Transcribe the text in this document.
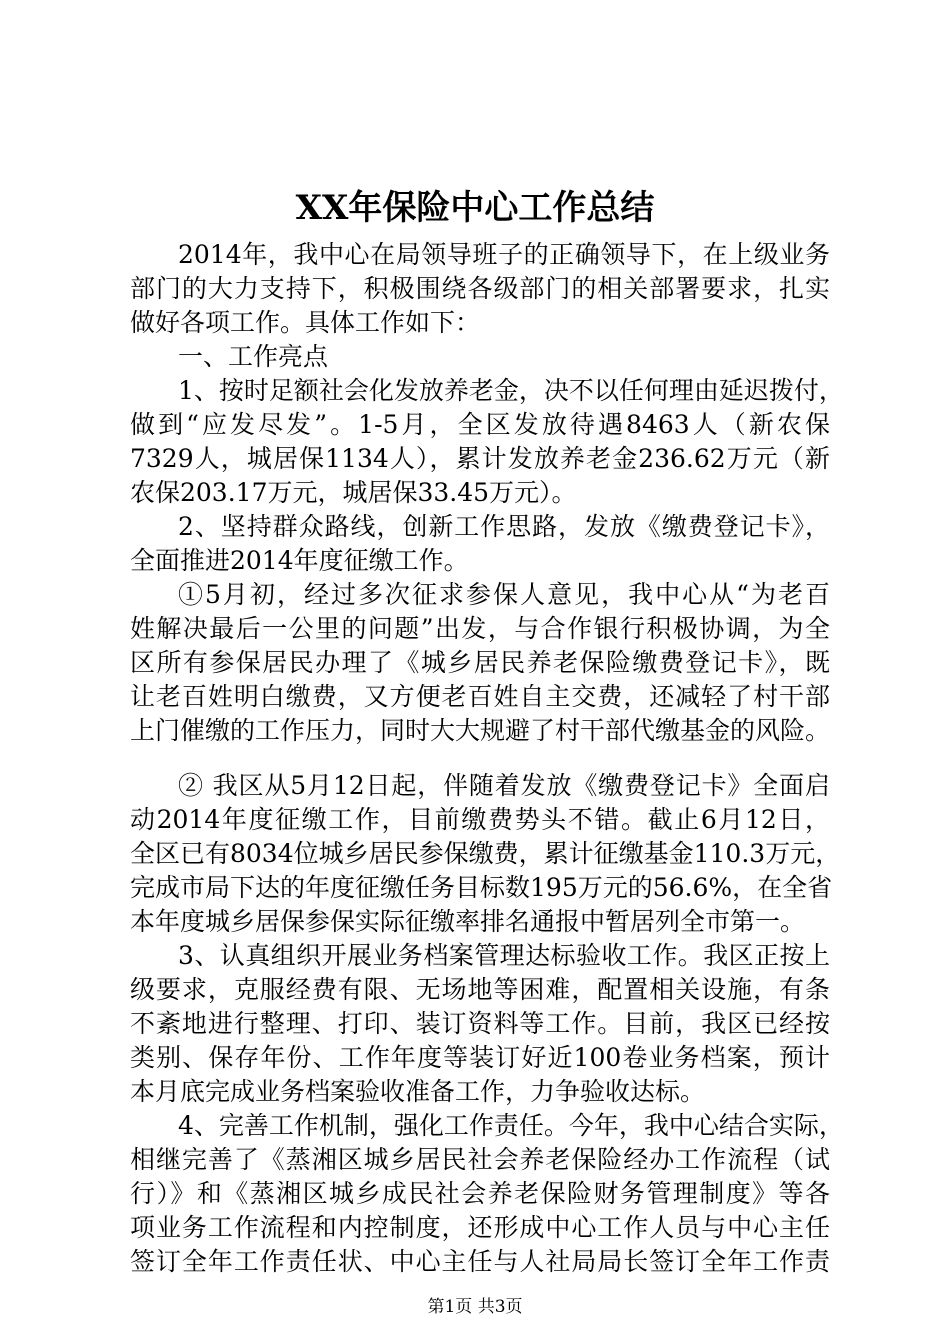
XX年保险中心工作总结
2014年，我中心在局领导班子的正确领导下，在上级业务
部门的大力支持下，积极围绕各级部门的相关部署要求，扎实
做好各项工作。具体工作如下：
一、工作亮点
1、按时足额社会化发放养老金，决不以任何理由延迟拨付，
做到“应发尽发”。1-5月，全区发放待遇8463人（新农保
7329人，城居保1134人），累计发放养老金236.62万元（新
农保203.17万元，城居保33.45万元）。
2、坚持群众路线，创新工作思路，发放《缴费登记卡》，
全面推进2014年度征缴工作。
①5月初，经过多次征求参保人意见，我中心从“为老百
姓解决最后一公里的问题”出发，与合作银行积极协调，为全
区所有参保居民办理了《城乡居民养老保险缴费登记卡》，既
让老百姓明白缴费，又方便老百姓自主交费，还减轻了村干部
上门催缴的工作压力，同时大大规避了村干部代缴基金的风险。
② 我区从5月12日起，伴随着发放《缴费登记卡》全面启
动2014年度征缴工作，目前缴费势头不错。截止6月12日，
全区已有8034位城乡居民参保缴费，累计征缴基金110.3万元，
完成市局下达的年度征缴任务目标数195万元的56.6%，在全省
本年度城乡居保参保实际征缴率排名通报中暂居列全市第一。
3、认真组织开展业务档案管理达标验收工作。我区正按上
级要求，克服经费有限、无场地等困难，配置相关设施，有条
不紊地进行整理、打印、装订资料等工作。目前，我区已经按
类别、保存年份、工作年度等装订好近100卷业务档案，预计
本月底完成业务档案验收准备工作，力争验收达标。
4、完善工作机制，强化工作责任。今年，我中心结合实际，
相继完善了《蒸湘区城乡居民社会养老保险经办工作流程（试
行）》和《蒸湘区城乡成民社会养老保险财务管理制度》等各
项业务工作流程和内控制度，还形成中心工作人员与中心主任
签订全年工作责任状、中心主任与人社局局长签订全年工作责
第1页 共3页
